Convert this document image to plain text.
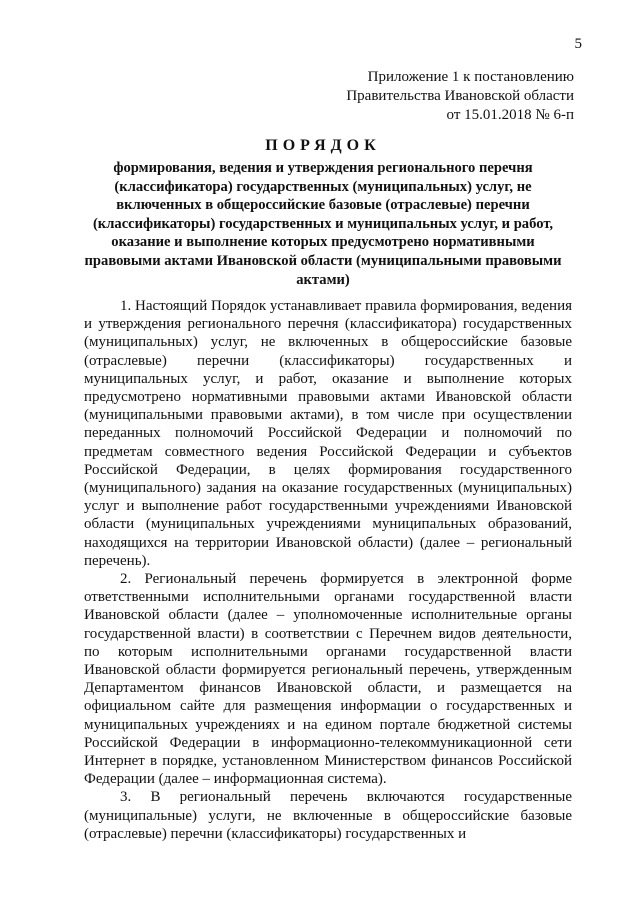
5
Приложение 1 к постановлению
Правительства Ивановской области
от 15.01.2018 № 6-п
ПОРЯДОК
формирования, ведения и утверждения регионального перечня (классификатора) государственных (муниципальных) услуг, не включенных в общероссийские базовые (отраслевые) перечни (классификаторы) государственных и муниципальных услуг, и работ, оказание и выполнение которых предусмотрено нормативными правовыми актами Ивановской области (муниципальными правовыми актами)

1. Настоящий Порядок устанавливает правила формирования, ведения и утверждения регионального перечня (классификатора) государственных (муниципальных) услуг, не включенных в общероссийские базовые (отраслевые) перечни (классификаторы) государственных и муниципальных услуг, и работ, оказание и выполнение которых предусмотрено нормативными правовыми актами Ивановской области (муниципальными правовыми актами), в том числе при осуществлении переданных полномочий Российской Федерации и полномочий по предметам совместного ведения Российской Федерации и субъектов Российской Федерации, в целях формирования государственного (муниципального) задания на оказание государственных (муниципальных) услуг и выполнение работ государственными учреждениями Ивановской области (муниципальных учреждениями муниципальных образований, находящихся на территории Ивановской области) (далее – региональный перечень).

2. Региональный перечень формируется в электронной форме ответственными исполнительными органами государственной власти Ивановской области (далее – уполномоченные исполнительные органы государственной власти) в соответствии с Перечнем видов деятельности, по которым исполнительными органами государственной власти Ивановской области формируется региональный перечень, утвержденным Департаментом финансов Ивановской области, и размещается на официальном сайте для размещения информации о государственных и муниципальных учреждениях и на едином портале бюджетной системы Российской Федерации в информационно-телекоммуникационной сети Интернет в порядке, установленном Министерством финансов Российской Федерации (далее – информационная система).

3. В региональный перечень включаются государственные (муниципальные) услуги, не включенные в общероссийские базовые (отраслевые) перечни (классификаторы) государственных и
